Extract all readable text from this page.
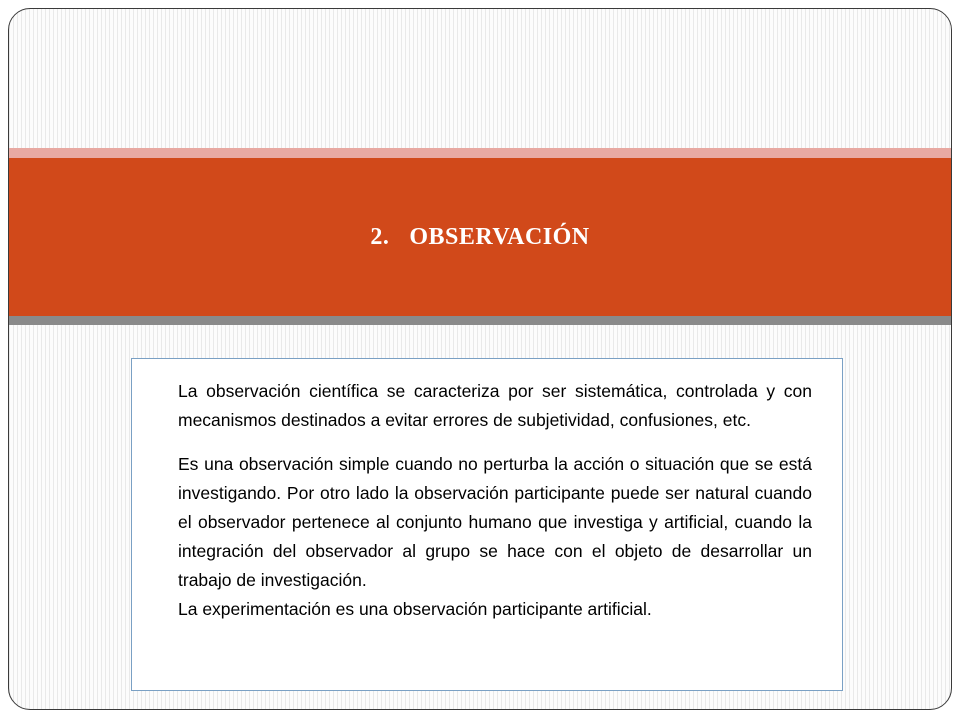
2. OBSERVACIÓN

La observación científica se caracteriza por ser sistemática, controlada y con mecanismos destinados a evitar errores de subjetividad, confusiones, etc.

Es una observación simple cuando no perturba la acción o situación que se está investigando. Por otro lado la observación participante puede ser natural cuando el observador pertenece al conjunto humano que investiga y artificial, cuando la integración del observador al grupo se hace con el objeto de desarrollar un trabajo de investigación.

La experimentación es una observación participante artificial.
